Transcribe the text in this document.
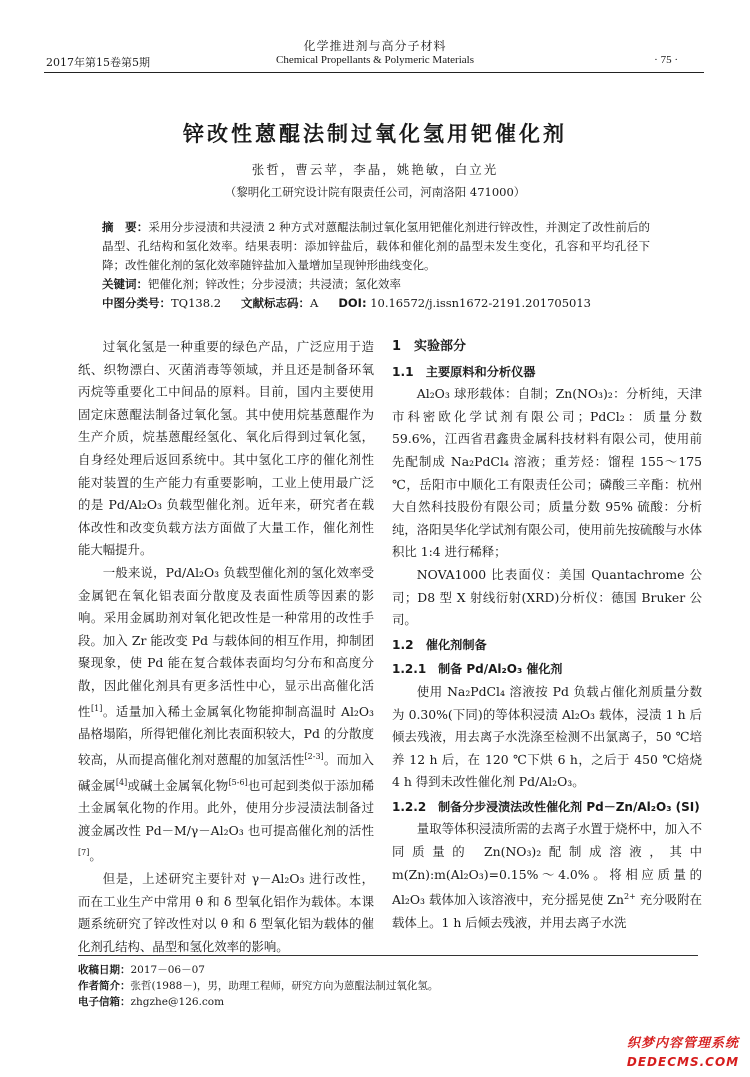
化学推进剂与高分子材料
2017年第15卷第5期	Chemical Propellants & Polymeric Materials	· 75 ·
锌改性蒽醌法制过氧化氢用钯催化剂
张哲，曹云苹，李晶，姚艳敏，白立光
（黎明化工研究设计院有限责任公司，河南洛阳 471000）
摘　要：采用分步浸渍和共浸渍 2 种方式对蒽醌法制过氧化氢用钯催化剂进行锌改性，并测定了改性前后的晶型、孔结构和氢化效率。结果表明：添加锌盐后，载体和催化剂的晶型未发生变化，孔容和平均孔径下降；改性催化剂的氢化效率随锌盐加入量增加呈现钟形曲线变化。
关键词：钯催化剂；锌改性；分步浸渍；共浸渍；氢化效率
中图分类号：TQ138.2 文献标志码：A DOI: 10.16572/j.issn1672-2191.201705013

过氧化氢是一种重要的绿色产品，广泛应用于造纸、织物漂白、灭菌消毒等领域，并且还是制备环氧丙烷等重要化工中间品的原料。目前，国内主要使用固定床蒽醌法制备过氧化氢。其中使用烷基蒽醌作为生产介质，烷基蒽醌经氢化、氧化后得到过氧化氢，自身经处理后返回系统中。其中氢化工序的催化剂性能对装置的生产能力有重要影响，工业上使用最广泛的是 Pd/Al₂O₃ 负载型催化剂。近年来，研究者在载体改性和改变负载方法方面做了大量工作，催化剂性能大幅提升。

一般来说，Pd/Al₂O₃ 负载型催化剂的氢化效率受金属钯在氧化铝表面分散度及表面性质等因素的影响。采用金属助剂对氧化钯改性是一种常用的改性手段。加入 Zr 能改变 Pd 与载体间的相互作用，抑制团聚现象，使 Pd 能在复合载体表面均匀分布和高度分散，因此催化剂具有更多活性中心，显示出高催化活性[1]。适量加入稀土金属氧化物能抑制高温时 Al₂O₃ 晶格塌陷，所得钯催化剂比表面积较大，Pd 的分散度较高，从而提高催化剂对蒽醌的加氢活性[2-3]。而加入碱金属[4]或碱土金属氧化物[5-6]也可起到类似于添加稀土金属氧化物的作用。此外，使用分步浸渍法制备过渡金属改性 Pd－M/γ－Al₂O₃ 也可提高催化剂的活性[7]。

但是，上述研究主要针对 γ－Al₂O₃ 进行改性，而在工业生产中常用 θ 和 δ 型氧化铝作为载体。本课题系统研究了锌改性对以 θ 和 δ 型氧化铝为载体的催化剂孔结构、晶型和氢化效率的影响。

1　实验部分
1.1　主要原料和分析仪器

Al₂O₃ 球形载体：自制；Zn(NO₃)₂：分析纯，天津市科密欧化学试剂有限公司；PdCl₂：质量分数 59.6%，江西省君鑫贵金属科技材料有限公司，使用前先配制成 Na₂PdCl₄ 溶液；重芳烃：馏程 155～175 ℃，岳阳市中顺化工有限责任公司；磷酸三辛酯：杭州大自然科技股份有限公司；质量分数 95% 硫酸：分析纯，洛阳昊华化学试剂有限公司，使用前先按硫酸与水体积比 1:4 进行稀释；

NOVA1000 比表面仪：美国 Quantachrome 公司；D8 型 X 射线衍射(XRD)分析仪：德国 Bruker 公司。

1.2　催化剂制备
1.2.1　制备 Pd/Al₂O₃ 催化剂

使用 Na₂PdCl₄ 溶液按 Pd 负载占催化剂质量分数为 0.30%(下同)的等体积浸渍 Al₂O₃ 载体，浸渍 1 h 后倾去残液，用去离子水洗涤至检测不出氯离子，50 ℃培养 12 h 后，在 120 ℃下烘 6 h，之后于 450 ℃焙烧 4 h 得到未改性催化剂 Pd/Al₂O₃。

1.2.2　制备分步浸渍法改性催化剂 Pd－Zn/Al₂O₃ (SI)

量取等体积浸渍所需的去离子水置于烧杯中，加入不同质量的 Zn(NO₃)₂配制成溶液，其中 m(Zn):m(Al₂O₃)=0.15%～4.0%。将相应质量的 Al₂O₃ 载体加入该溶液中，充分摇晃使 $Zn^{2+}$ 充分吸附在载体上。1 h 后倾去残液，并用去离子水洗

收稿日期：2017－06－07
作者简介：张哲(1988－)，男，助理工程师，研究方向为蒽醌法制过氧化氢。
电子信箱：zhgzhe@126.com
织梦内容管理系统
DEDECMS.COM
